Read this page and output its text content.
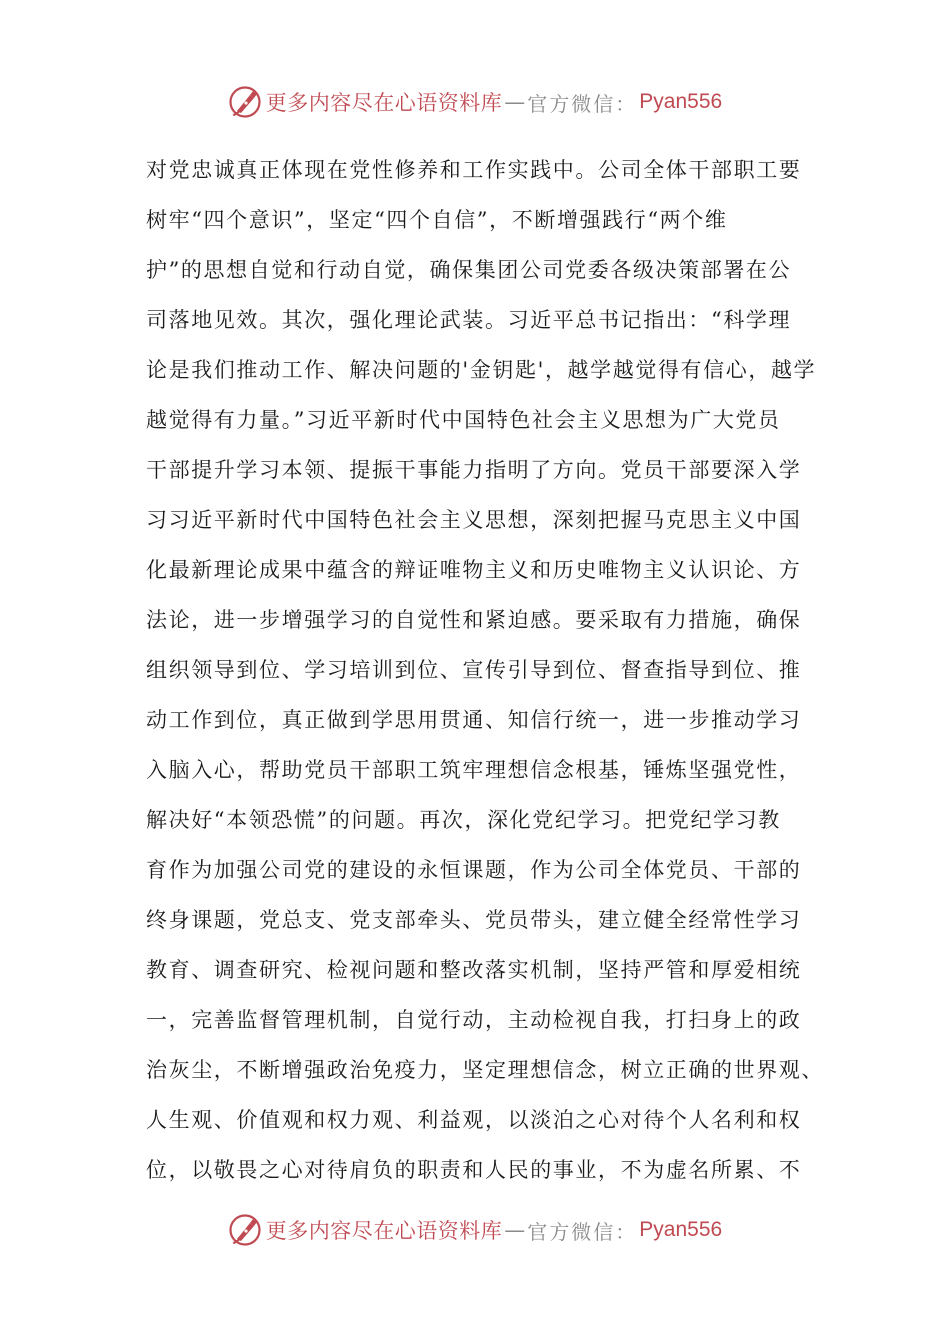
更多内容尽在心语资料库 — 官方微信： Pyan556
对党忠诚真正体现在党性修养和工作实践中。公司全体干部职工要
树牢“四个意识”，坚定“四个自信”，不断增强践行“两个维
护”的思想自觉和行动自觉，确保集团公司党委各级决策部署在公
司落地见效。其次，强化理论武装。习近平总书记指出：“科学理
论是我们推动工作、解决问题的'金钥匙'，越学越觉得有信心，越学
越觉得有力量。”习近平新时代中国特色社会主义思想为广大党员
干部提升学习本领、提振干事能力指明了方向。党员干部要深入学
习习近平新时代中国特色社会主义思想，深刻把握马克思主义中国
化最新理论成果中蕴含的辩证唯物主义和历史唯物主义认识论、方
法论，进一步增强学习的自觉性和紧迫感。要采取有力措施，确保
组织领导到位、学习培训到位、宣传引导到位、督查指导到位、推
动工作到位，真正做到学思用贯通、知信行统一，进一步推动学习
入脑入心，帮助党员干部职工筑牢理想信念根基，锤炼坚强党性，
解决好“本领恐慌”的问题。再次，深化党纪学习。把党纪学习教
育作为加强公司党的建设的永恒课题，作为公司全体党员、干部的
终身课题，党总支、党支部牵头、党员带头，建立健全经常性学习
教育、调查研究、检视问题和整改落实机制，坚持严管和厚爱相统
一，完善监督管理机制，自觉行动，主动检视自我，打扫身上的政
治灰尘，不断增强政治免疫力，坚定理想信念，树立正确的世界观、
人生观、价值观和权力观、利益观，以淡泊之心对待个人名利和权
位，以敬畏之心对待肩负的职责和人民的事业，不为虚名所累、不
更多内容尽在心语资料库 — 官方微信： Pyan556
